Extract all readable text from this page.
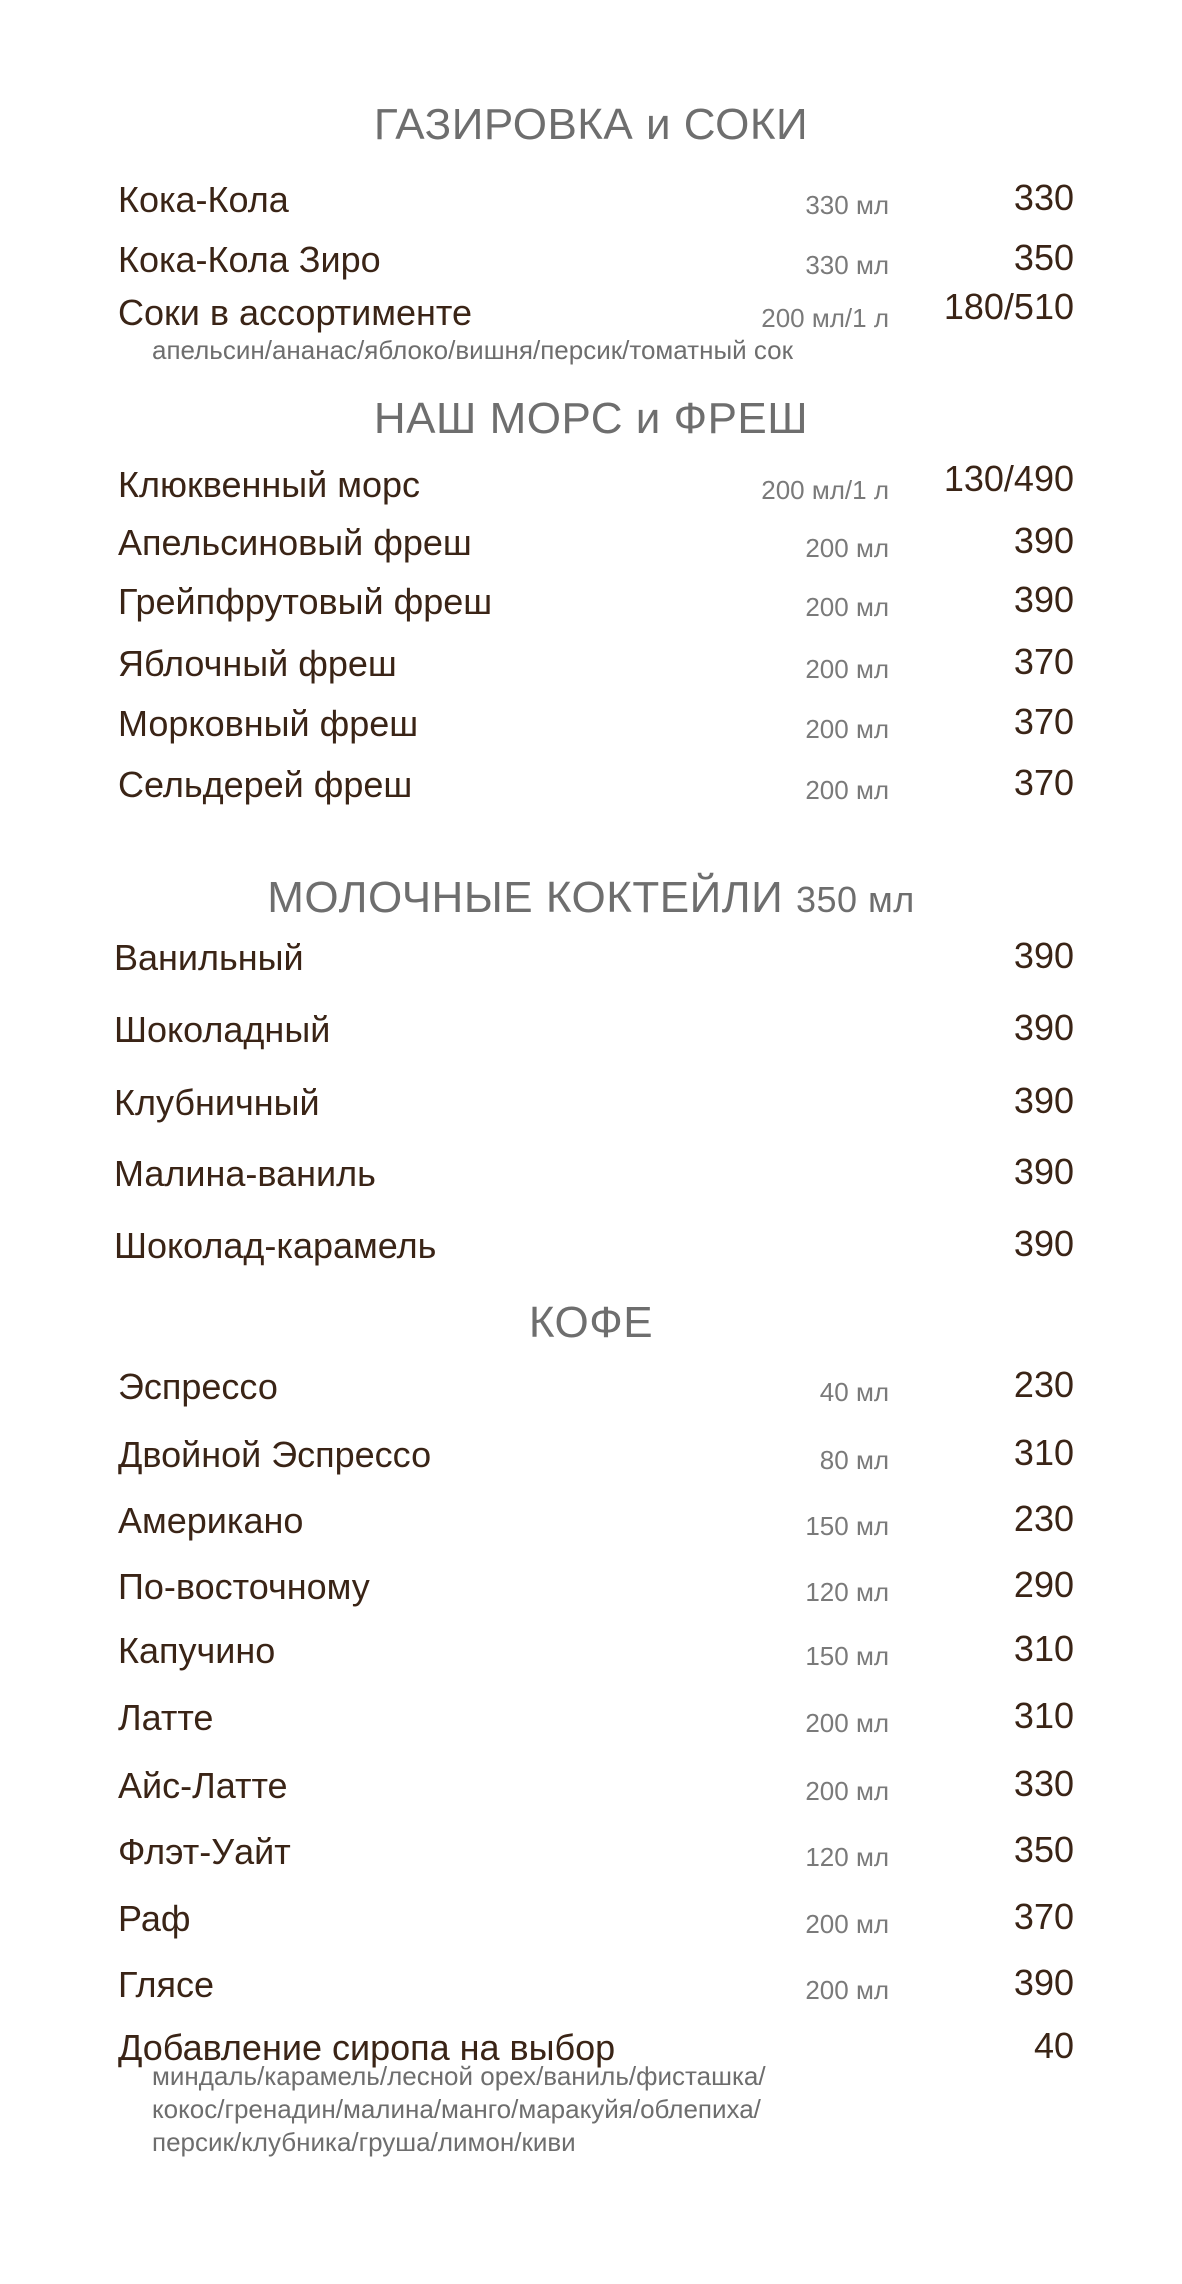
ГАЗИРОВКА и СОКИ
Кока-Кола	330 мл	330
Кока-Кола Зиро	330 мл	350
Соки в ассортименте	200 мл/1 л 180/510
апельсин/ананас/яблоко/вишня/персик/томатный сок
НАШ МОРС и ФРЕШ
Клюквенный морс	200 мл/1 л 130/490
Апельсиновый фреш	200 мл	390
Грейпфрутовый фреш	200 мл	390
Яблочный фреш	200 мл	370
Морковный фреш	200 мл	370
Сельдерей фреш	200 мл	370
МОЛОЧНЫЕ КОКТЕЙЛИ 350 мл
Ванильный	390
Шоколадный	390
Клубничный	390
Малина-ваниль	390
Шоколад-карамель	390
КОФЕ
Эспрессо	40 мл	230
Двойной Эспрессо	80 мл	310
Американо	150 мл	230
По-восточному	120 мл	290
Капучино	150 мл	310
Латте	200 мл	310
Айс-Латте	200 мл	330
Флэт-Уайт	120 мл	350
Раф	200 мл	370
Глясе	200 мл	390
Добавление сиропа на выбор	40
миндаль/карамель/лесной орех/ваниль/фисташка/
кокос/гренадин/малина/манго/маракуйя/облепиха/
персик/клубника/груша/лимон/киви
